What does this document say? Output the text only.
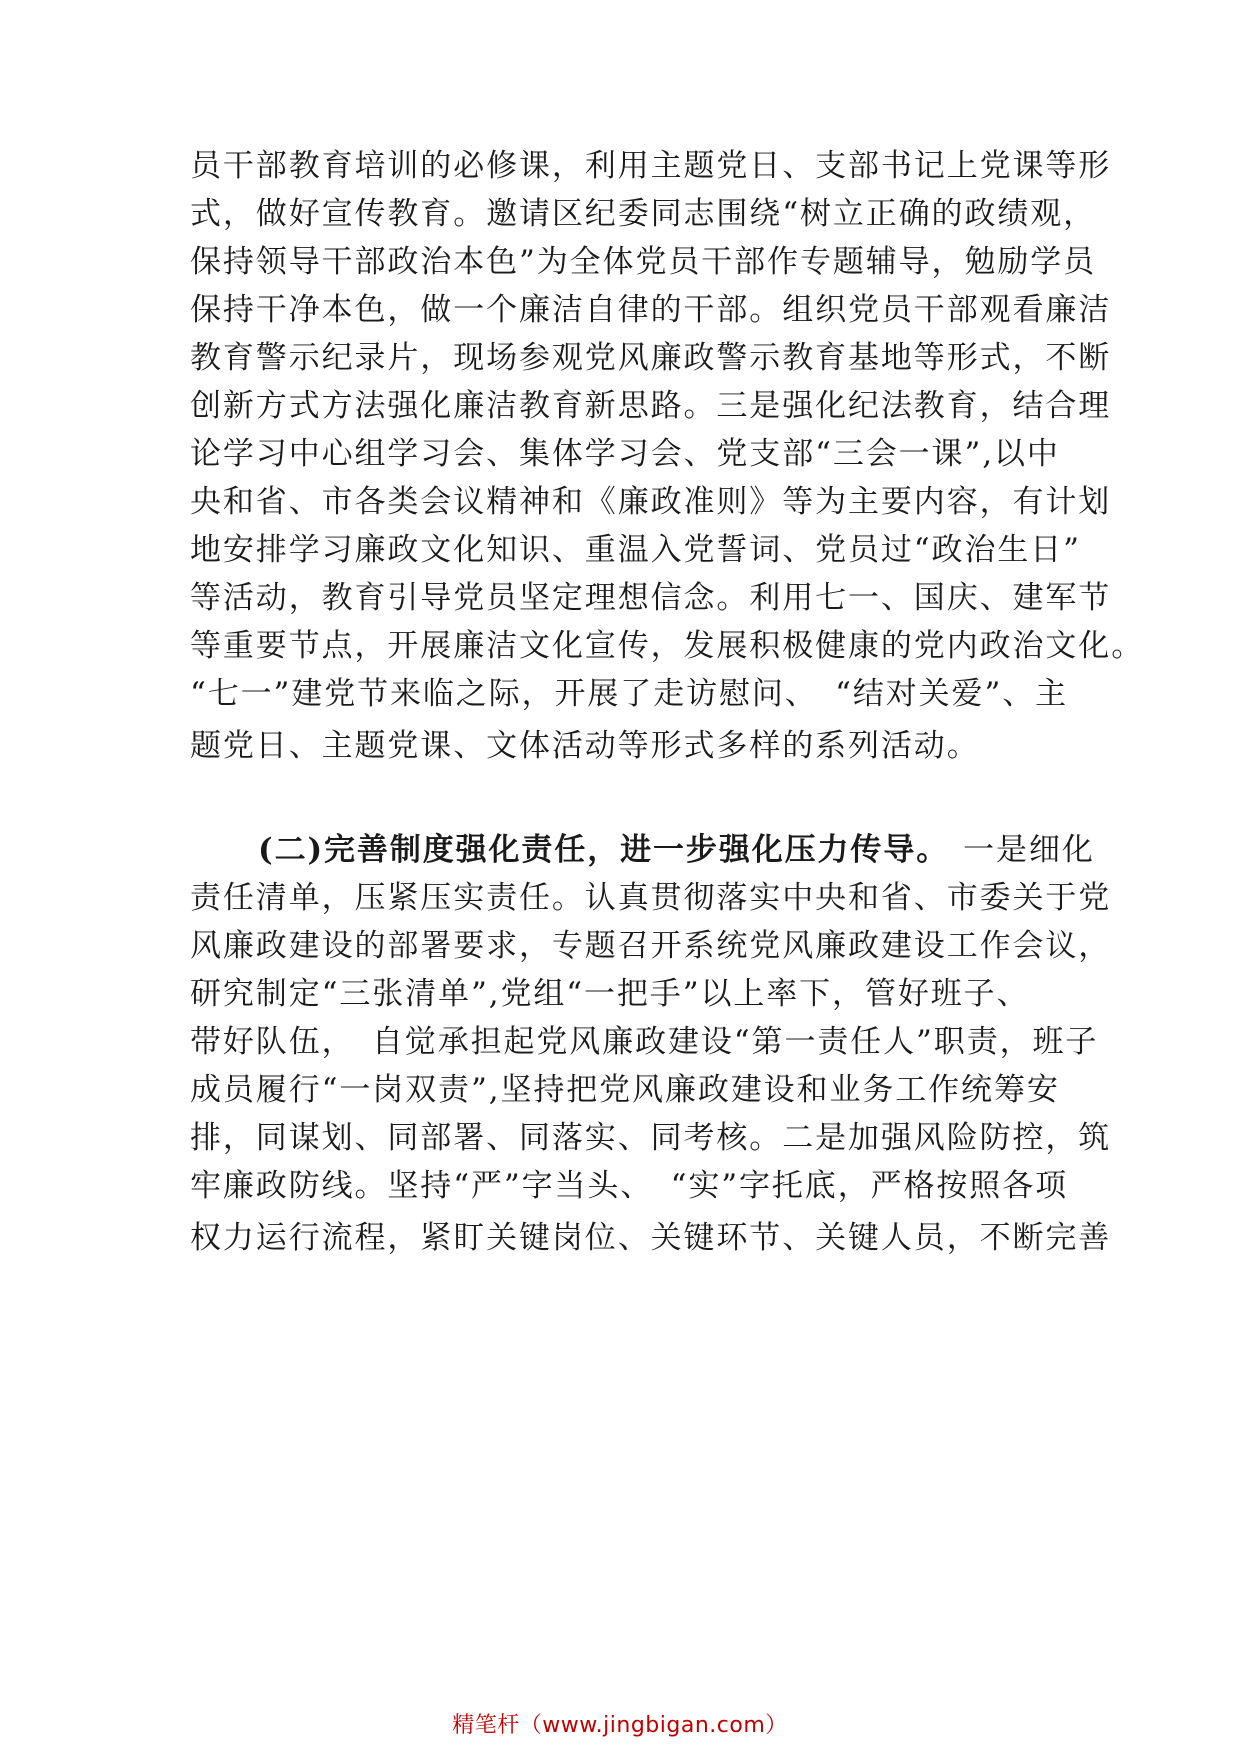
员干部教育培训的必修课，利用主题党日、支部书记上党课等形
式，做好宣传教育。邀请区纪委同志围绕“树立正确的政绩观，
保持领导干部政治本色”为全体党员干部作专题辅导，勉励学员
保持干净本色，做一个廉洁自律的干部。组织党员干部观看廉洁
教育警示纪录片，现场参观党风廉政警示教育基地等形式，不断
创新方式方法强化廉洁教育新思路。三是强化纪法教育，结合理
论学习中心组学习会、集体学习会、党支部“三会一课”,以中
央和省、市各类会议精神和《廉政准则》等为主要内容，有计划
地安排学习廉政文化知识、重温入党誓词、党员过“政治生日”
等活动，教育引导党员坚定理想信念。利用七一、国庆、建军节
等重要节点，开展廉洁文化宣传，发展积极健康的党内政治文化。
“七一”建党节来临之际，开展了走访慰问、　“结对关爱”、主
题党日、主题党课、文体活动等形式多样的系列活动。
(二)完善制度强化责任，进一步强化压力传导。 一是细化
责任清单，压紧压实责任。认真贯彻落实中央和省、市委关于党
风廉政建设的部署要求，专题召开系统党风廉政建设工作会议，
研究制定“三张清单”,党组“一把手”以上率下，管好班子、
带好队伍，　自觉承担起党风廉政建设“第一责任人”职责，班子
成员履行“一岗双责”,坚持把党风廉政建设和业务工作统筹安
排，同谋划、同部署、同落实、同考核。二是加强风险防控，筑
牢廉政防线。坚持“严”字当头、　“实”字托底，严格按照各项
权力运行流程，紧盯关键岗位、关键环节、关键人员，不断完善
精笔杆（www.jingbigan.com）
